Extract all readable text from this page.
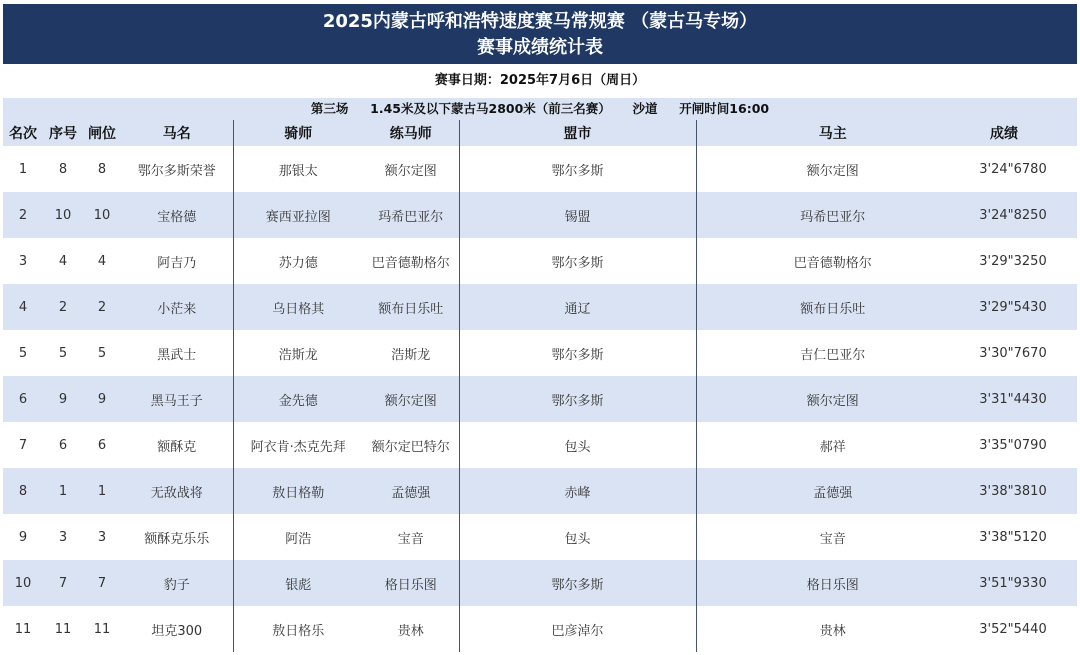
2025内蒙古呼和浩特速度赛马常规赛 （蒙古马专场）
赛事成绩统计表
赛事日期：2025年7月6日（周日）
第三场     1.45米及以下蒙古马2800米（前三名赛）     沙道     开闸时间16:00
名次	序号	闸位	马名	骑师	练马师	盟市	马主	成绩
1	8	8	鄂尔多斯荣誉	那银太	额尔定图	鄂尔多斯	额尔定图	3'24"6780
2	10	10	宝格德	赛西亚拉图	玛希巴亚尔	锡盟	玛希巴亚尔	3'24"8250
3	4	4	阿吉乃	苏力德	巴音德勒格尔	鄂尔多斯	巴音德勒格尔	3'29"3250
4	2	2	小茫来	乌日格其	额布日乐吐	通辽	额布日乐吐	3'29"5430
5	5	5	黑武士	浩斯龙	浩斯龙	鄂尔多斯	吉仁巴亚尔	3'30"7670
6	9	9	黑马王子	金先德	额尔定图	鄂尔多斯	额尔定图	3'31"4430
7	6	6	额酥克	阿衣肯·杰克先拜	额尔定巴特尔	包头	郝祥	3'35"0790
8	1	1	无敌战将	敖日格勒	孟德强	赤峰	孟德强	3'38"3810
9	3	3	额酥克乐乐	阿浩	宝音	包头	宝音	3'38"5120
10	7	7	豹子	银彪	格日乐图	鄂尔多斯	格日乐图	3'51"9330
11	11	11	坦克300	敖日格乐	贵林	巴彦淖尔	贵林	3'52"5440
